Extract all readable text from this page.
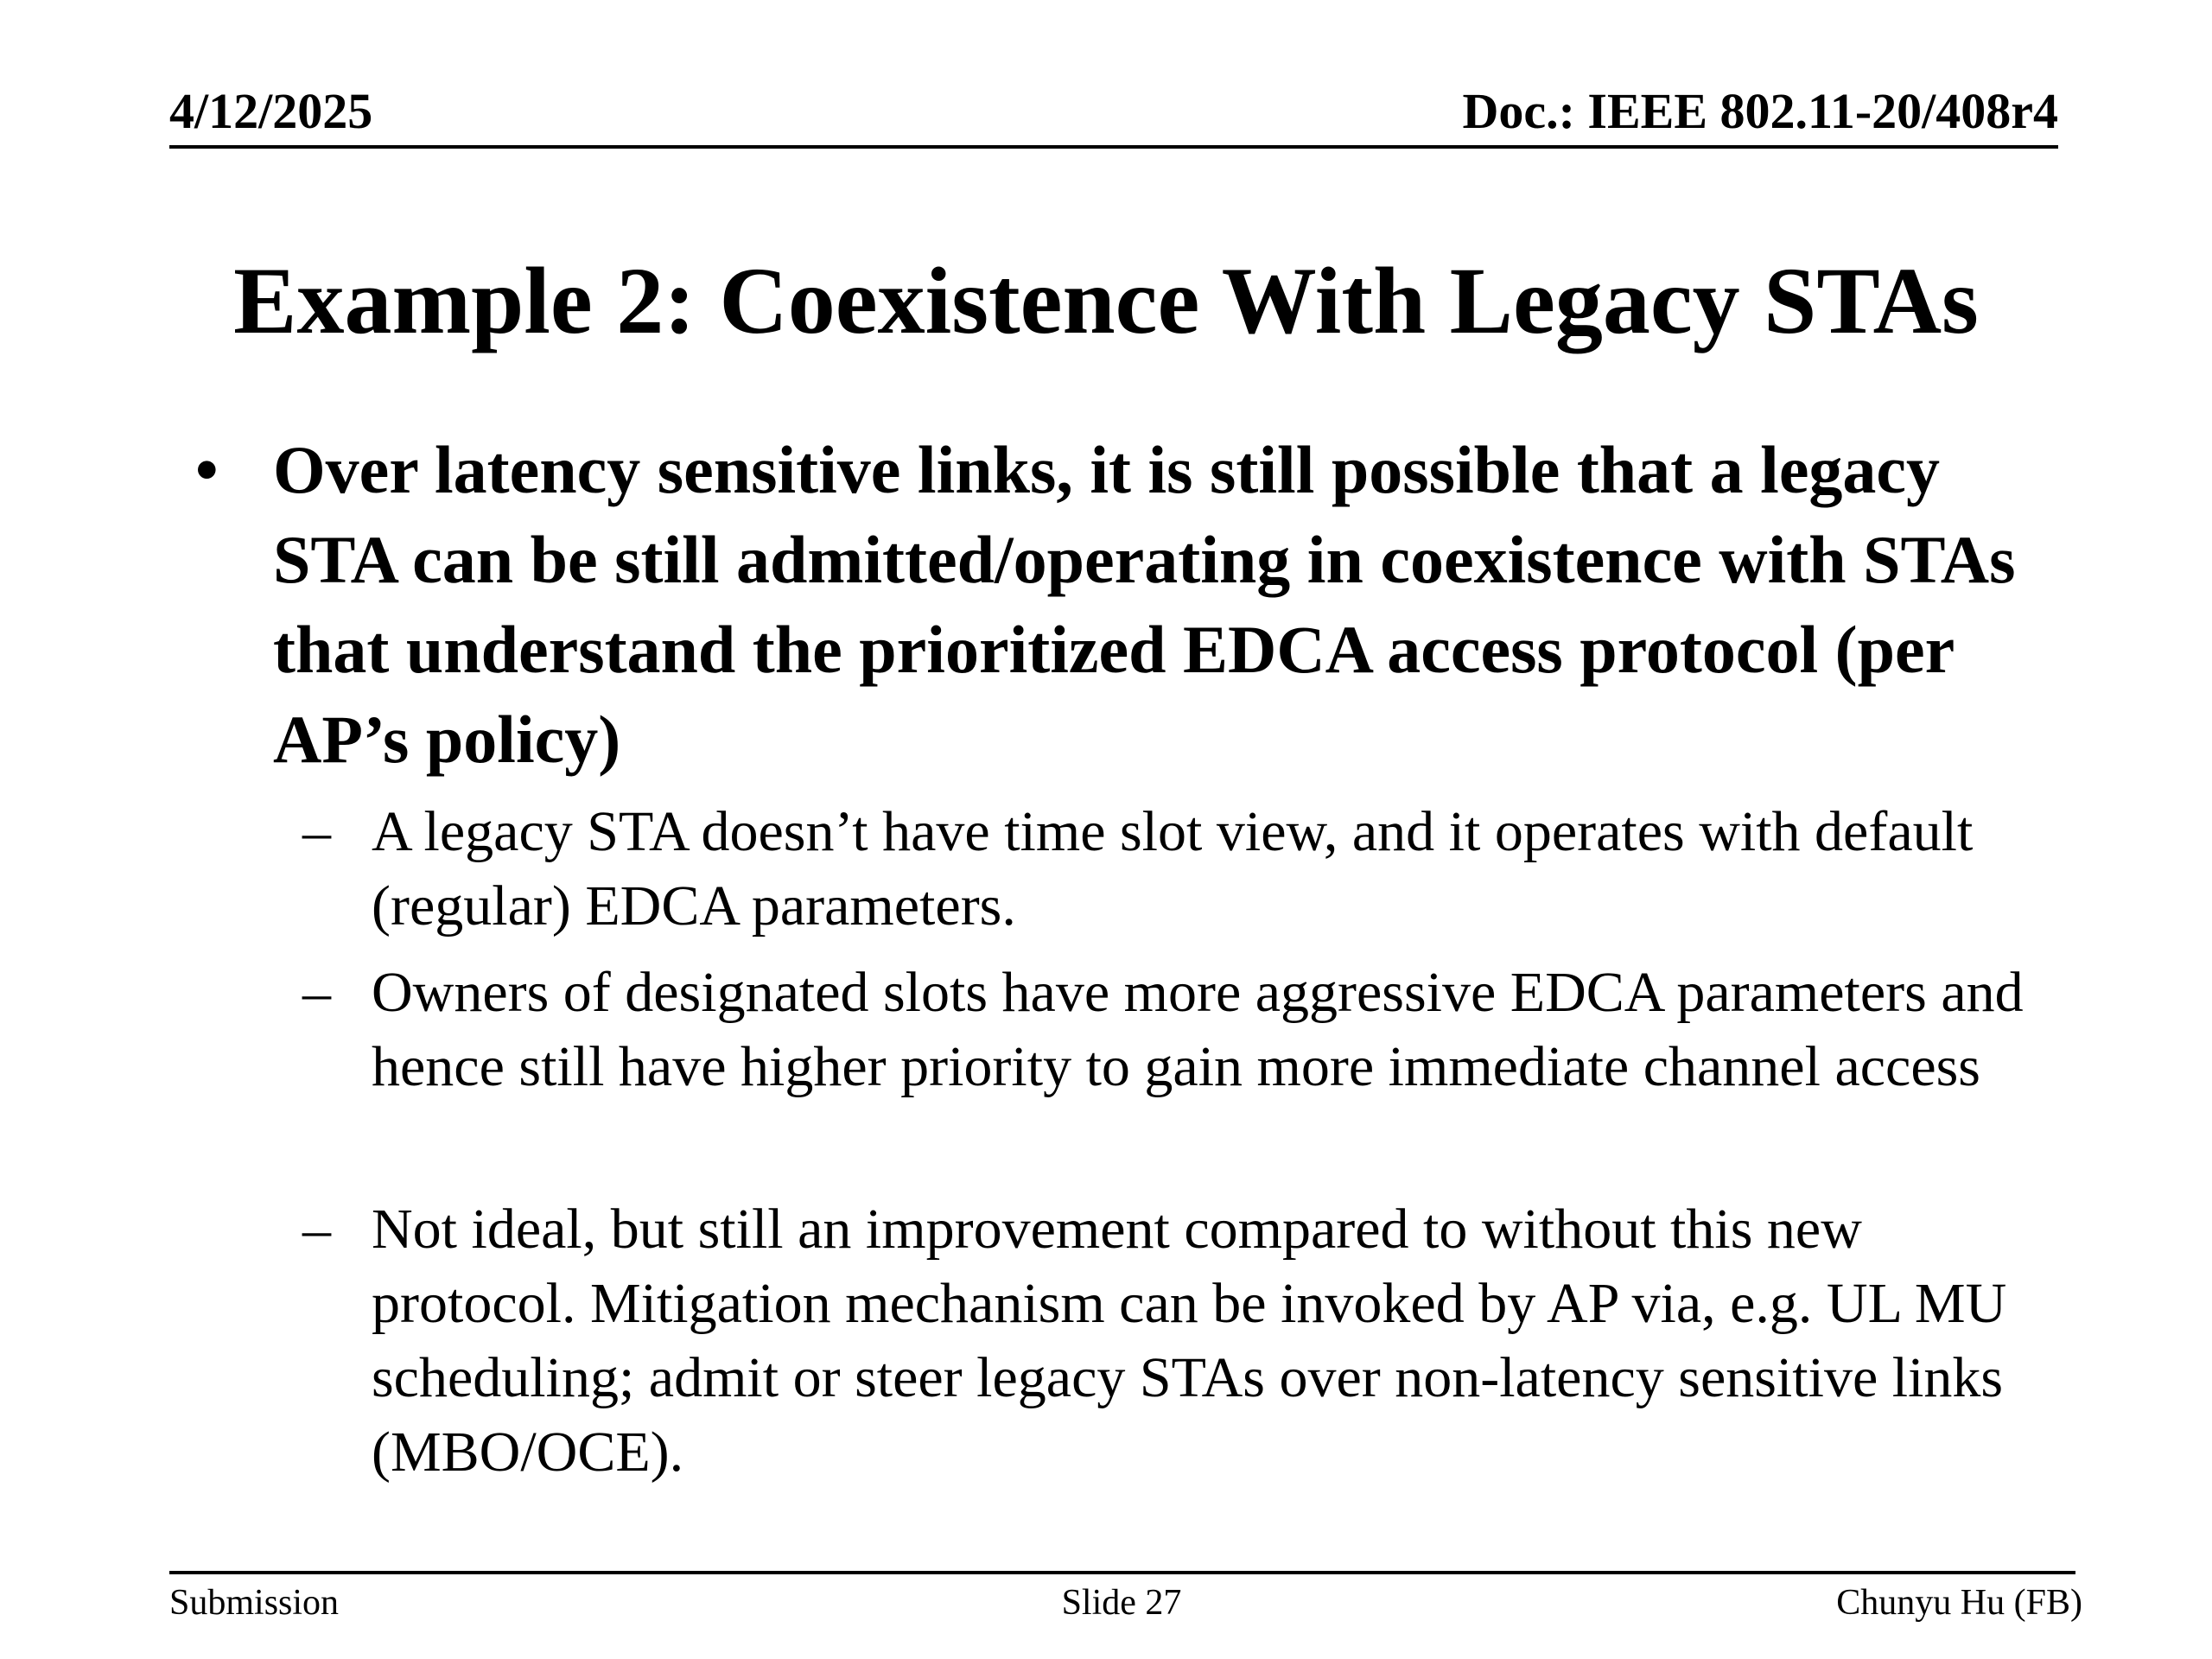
4/12/2025	Doc.: IEEE 802.11-20/408r4
Example 2: Coexistence With Legacy STAs
• Over latency sensitive links, it is still possible that a legacy STA can be still admitted/operating in coexistence with STAs that understand the prioritized EDCA access protocol (per AP’s policy)
– A legacy STA doesn’t have time slot view, and it operates with default (regular) EDCA parameters.
– Owners of designated slots have more aggressive EDCA parameters and hence still have higher priority to gain more immediate channel access
– Not ideal, but still an improvement compared to without this new protocol. Mitigation mechanism can be invoked by AP via, e.g. UL MU scheduling; admit or steer legacy STAs over non-latency sensitive links (MBO/OCE).
Submission	Slide 27	Chunyu Hu (FB)
